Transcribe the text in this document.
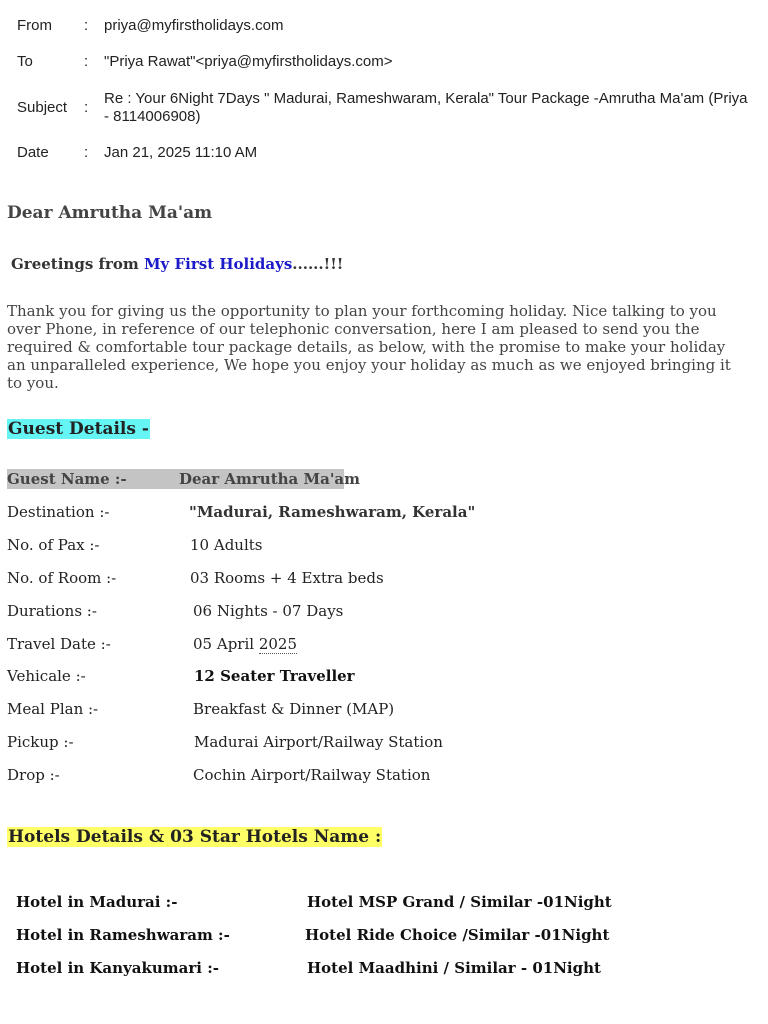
From : priya@myfirstholidays.com
To	: "Priya Rawat"<priya@myfirstholidays.com>
Subject :
Re : Your 6Night 7Days " Madurai, Rameshwaram, Kerala" Tour Package -Amrutha Ma'am (Priya - 8114006908)
Date : Jan 21, 2025 11:10 AM
Dear Amrutha Ma'am
Greetings from My First Holidays......!!!
Thank you for giving us the opportunity to plan your forthcoming holiday. Nice talking to you over Phone, in reference of our telephonic conversation, here I am pleased to send you the required & comfortable tour package details, as below, with the promise to make your holiday an unparalleled experience, We hope you enjoy your holiday as much as we enjoyed bringing it to you.
Guest Details -
Guest Name :-	Dear Amrutha Ma'am
Destination :-	"Madurai, Rameshwaram, Kerala"
No. of Pax :-	10 Adults
No. of Room :-	03 Rooms + 4 Extra beds
Durations :-	06 Nights - 07 Days
Travel Date :-	05 April 2025
Vehicale :-	12 Seater Traveller
Meal Plan :-	Breakfast & Dinner (MAP)
Pickup :-	Madurai Airport/Railway Station
Drop :-	Cochin Airport/Railway Station
Hotels Details & 03 Star Hotels Name :
Hotel in Madurai :-	Hotel MSP Grand / Similar -01Night
Hotel in Rameshwaram :-	Hotel Ride Choice /Similar -01Night
Hotel in Kanyakumari :-	Hotel Maadhini / Similar - 01Night
